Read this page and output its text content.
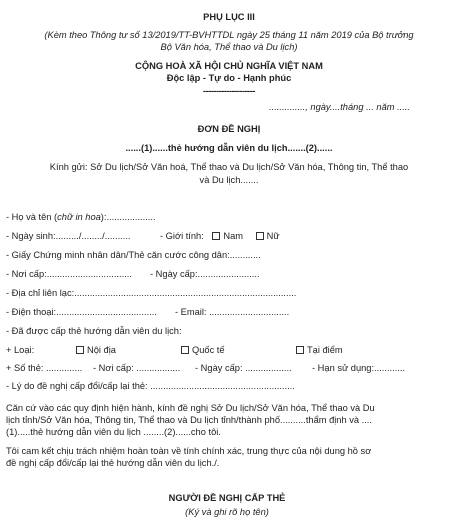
PHỤ LỤC III
(Kèm theo Thông tư số 13/2019/TT-BVHTTDL ngày 25 tháng 11 năm 2019 của Bộ trưởng
Bộ Văn hóa, Thể thao và Du lịch)
CỘNG HOÀ XÃ HỘI CHỦ NGHĨA VIỆT NAM
Độc lập - Tự do - Hạnh phúc
--------------------
.............., ngày....tháng ... năm .....
ĐƠN ĐỀ NGHỊ
......(1)......thẻ hướng dẫn viên du lịch.......(2)......
Kính gửi: Sở Du lịch/Sở Văn hoá, Thể thao và Du lịch/Sở Văn hóa, Thông tin, Thể thao
và Du lịch.......
- Họ và tên (chữ in hoa):...................
- Ngày sinh:........./......../..........	- Giới tính: Nam	Nữ
- Giấy Chứng minh nhân dân/Thẻ căn cước công dân:............
- Nơi cấp:................................. - Ngày cấp:........................
- Địa chỉ liên lạc:......................................................................................
- Điện thoại:....................................... - Email: ...............................
- Đã được cấp thẻ hướng dẫn viên du lịch:
+ Loại:	Nội địa	Quốc tế	Tại điểm
+ Số thẻ: .............. - Nơi cấp: ................. - Ngày cấp: .................. - Hạn sử dụng:............
- Lý do đề nghị cấp đổi/cấp lại thẻ: ........................................................
Căn cứ vào các quy định hiện hành, kính đề nghị Sở Du lịch/Sở Văn hóa, Thể thao và Du
lịch tỉnh/Sở Văn hóa, Thông tin, Thể thao và Du lịch tỉnh/thành phố..........thẩm định và ....
(1).....thẻ hướng dẫn viên du lịch ........(2)......cho tôi.
Tôi cam kết chịu trách nhiệm hoàn toàn về tính chính xác, trung thực của nội dung hồ sơ
đề nghị cấp đổi/cấp lại thẻ hướng dẫn viên du lịch./.
NGƯỜI ĐỀ NGHỊ CẤP THẺ
(Ký và ghi rõ họ tên)
